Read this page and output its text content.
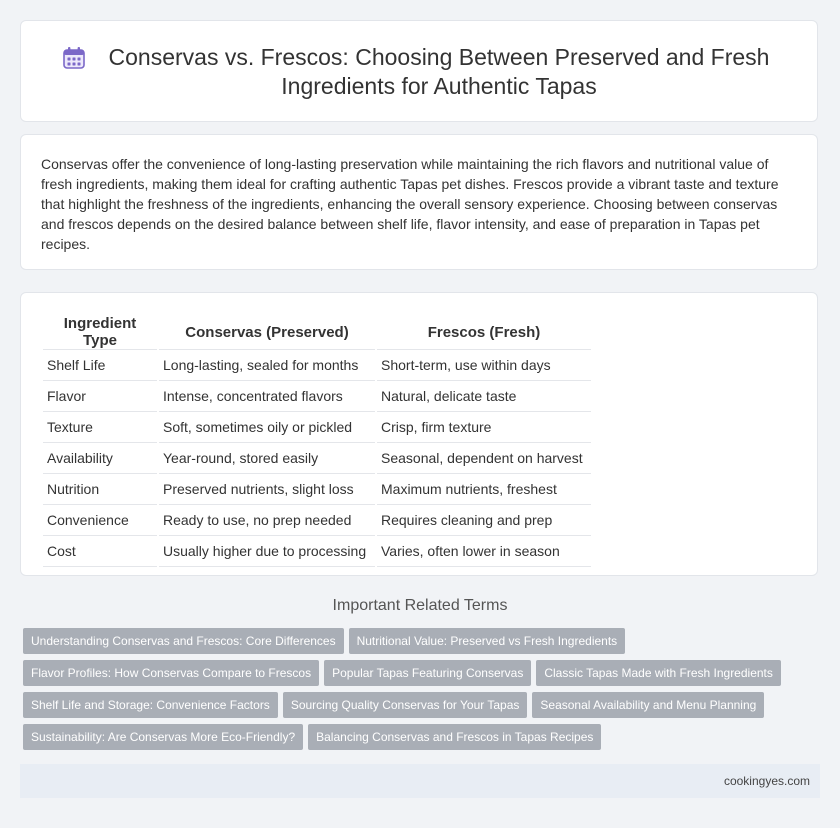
Conservas vs. Frescos: Choosing Between Preserved and Fresh Ingredients for Authentic Tapas

Conservas offer the convenience of long-lasting preservation while maintaining the rich flavors and nutritional value of fresh ingredients, making them ideal for crafting authentic Tapas pet dishes. Frescos provide a vibrant taste and texture that highlight the freshness of the ingredients, enhancing the overall sensory experience. Choosing between conservas and frescos depends on the desired balance between shelf life, flavor intensity, and ease of preparation in Tapas pet recipes.

Ingredient Type	Conservas (Preserved)	Frescos (Fresh)
Shelf Life	Long-lasting, sealed for months	Short-term, use within days
Flavor	Intense, concentrated flavors	Natural, delicate taste
Texture	Soft, sometimes oily or pickled	Crisp, firm texture
Availability	Year-round, stored easily	Seasonal, dependent on harvest
Nutrition	Preserved nutrients, slight loss	Maximum nutrients, freshest
Convenience	Ready to use, no prep needed	Requires cleaning and prep
Cost	Usually higher due to processing	Varies, often lower in season
Important Related Terms
Understanding Conservas and Frescos: Core Differences Nutritional Value: Preserved vs Fresh IngredientsFlavor Profiles: How Conservas Compare to Frescos Popular Tapas Featuring Conservas Classic Tapas Made with Fresh IngredientsShelf Life and Storage: Convenience Factors Sourcing Quality Conservas for Your Tapas Seasonal Availability and Menu PlanningSustainability: Are Conservas More Eco-Friendly? Balancing Conservas and Frescos in Tapas Recipes
cookingyes.com
